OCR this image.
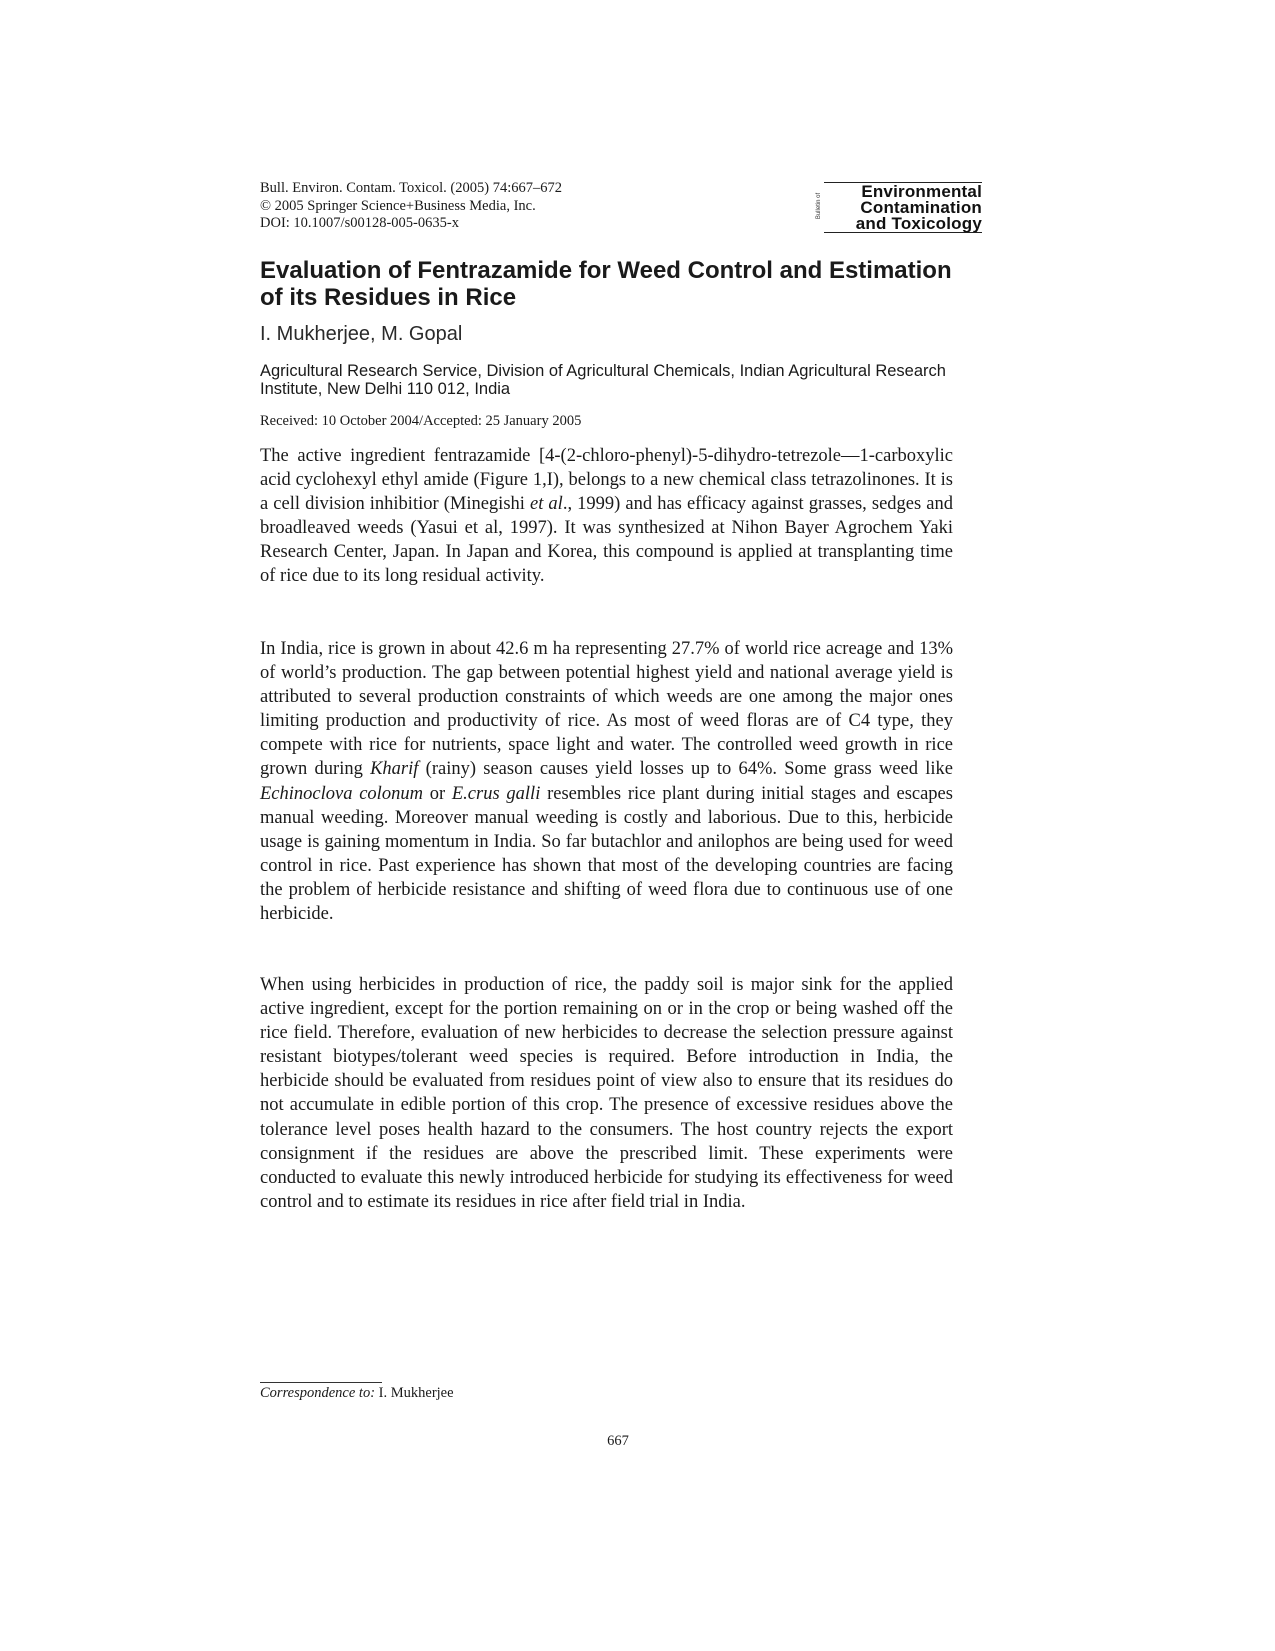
Bull. Environ. Contam. Toxicol. (2005) 74:667–672
© 2005 Springer Science+Business Media, Inc.
DOI: 10.1007/s00128-005-0635-x
Bulletin of
Environmental
Contamination
and Toxicology
Evaluation of Fentrazamide for Weed Control and Estimation of its Residues in Rice
I. Mukherjee, M. Gopal
Agricultural Research Service, Division of Agricultural Chemicals, Indian Agricultural Research Institute, New Delhi 110 012, India
Received: 10 October 2004/Accepted: 25 January 2005
The active ingredient fentrazamide [4-(2-chloro-phenyl)-5-dihydro-tetrezole—1-carboxylic acid cyclohexyl ethyl amide (Figure 1,I), belongs to a new chemical class tetrazolinones. It is a cell division inhibitior (Minegishi et al., 1999) and has efficacy against grasses, sedges and broadleaved weeds (Yasui et al, 1997). It was synthesized at Nihon Bayer Agrochem Yaki Research Center, Japan. In Japan and Korea, this compound is applied at transplanting time of rice due to its long residual activity.
In India, rice is grown in about 42.6 m ha representing 27.7% of world rice acreage and 13% of world’s production. The gap between potential highest yield and national average yield is attributed to several production constraints of which weeds are one among the major ones limiting production and productivity of rice. As most of weed floras are of C4 type, they compete with rice for nutrients, space light and water. The controlled weed growth in rice grown during Kharif (rainy) season causes yield losses up to 64%. Some grass weed like Echinoclova colonum or E.crus galli resembles rice plant during initial stages and escapes manual weeding. Moreover manual weeding is costly and laborious. Due to this, herbicide usage is gaining momentum in India. So far butachlor and anilophos are being used for weed control in rice. Past experience has shown that most of the developing countries are facing the problem of herbicide resistance and shifting of weed flora due to continuous use of one herbicide.
When using herbicides in production of rice, the paddy soil is major sink for the applied active ingredient, except for the portion remaining on or in the crop or being washed off the rice field. Therefore, evaluation of new herbicides to decrease the selection pressure against resistant biotypes/tolerant weed species is required. Before introduction in India, the herbicide should be evaluated from residues point of view also to ensure that its residues do not accumulate in edible portion of this crop. The presence of excessive residues above the tolerance level poses health hazard to the consumers. The host country rejects the export consignment if the residues are above the prescribed limit. These experiments were conducted to evaluate this newly introduced herbicide for studying its effectiveness for weed control and to estimate its residues in rice after field trial in India.
Correspondence to: I. Mukherjee
667
